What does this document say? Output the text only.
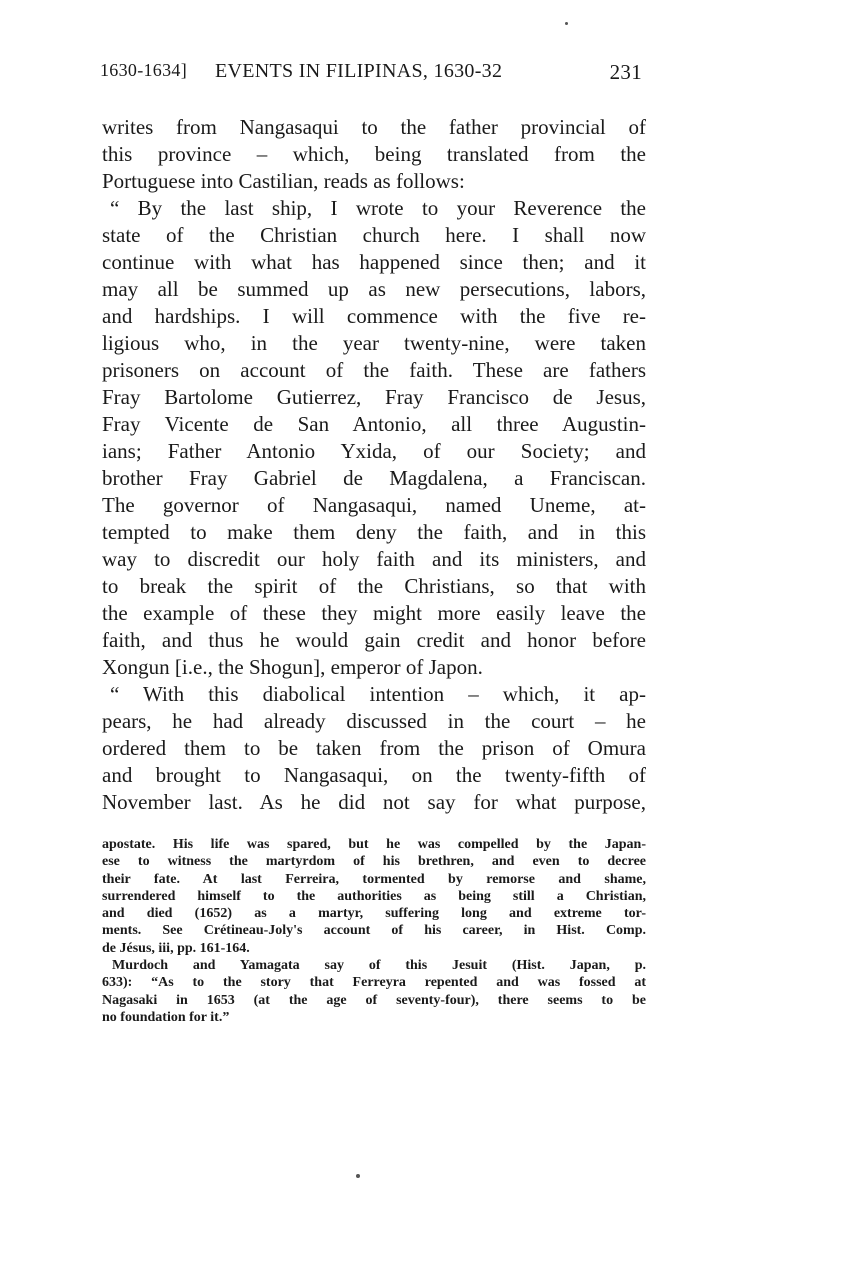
1630-1634] EVENTS IN FILIPINAS, 1630-32	231
writes from Nangasaqui to the father provincial of
this province – which, being translated from the
Portuguese into Castilian, reads as follows:
“ By the last ship, I wrote to your Reverence the
state of the Christian church here. I shall now
continue with what has happened since then; and it
may all be summed up as new persecutions, labors,
and hardships. I will commence with the five re-
ligious who, in the year twenty-nine, were taken
prisoners on account of the faith. These are fathers
Fray Bartolome Gutierrez, Fray Francisco de Jesus,
Fray Vicente de San Antonio, all three Augustin-
ians; Father Antonio Yxida, of our Society; and
brother Fray Gabriel de Magdalena, a Franciscan.
The governor of Nangasaqui, named Uneme, at-
tempted to make them deny the faith, and in this
way to discredit our holy faith and its ministers, and
to break the spirit of the Christians, so that with
the example of these they might more easily leave the
faith, and thus he would gain credit and honor before
Xongun [i.e., the Shogun], emperor of Japon.
“ With this diabolical intention – which, it ap-
pears, he had already discussed in the court – he
ordered them to be taken from the prison of Omura
and brought to Nangasaqui, on the twenty-fifth of
November last. As he did not say for what purpose,
apostate. His life was spared, but he was compelled by the Japan-
ese to witness the martyrdom of his brethren, and even to decree
their fate. At last Ferreira, tormented by remorse and shame,
surrendered himself to the authorities as being still a Christian,
and died (1652) as a martyr, suffering long and extreme tor-
ments. See Crétineau-Joly's account of his career, in Hist. Comp.
de Jésus, iii, pp. 161-164.
Murdoch and Yamagata say of this Jesuit (Hist. Japan, p.
633): “As to the story that Ferreyra repented and was fossed at
Nagasaki in 1653 (at the age of seventy-four), there seems to be
no foundation for it.”
